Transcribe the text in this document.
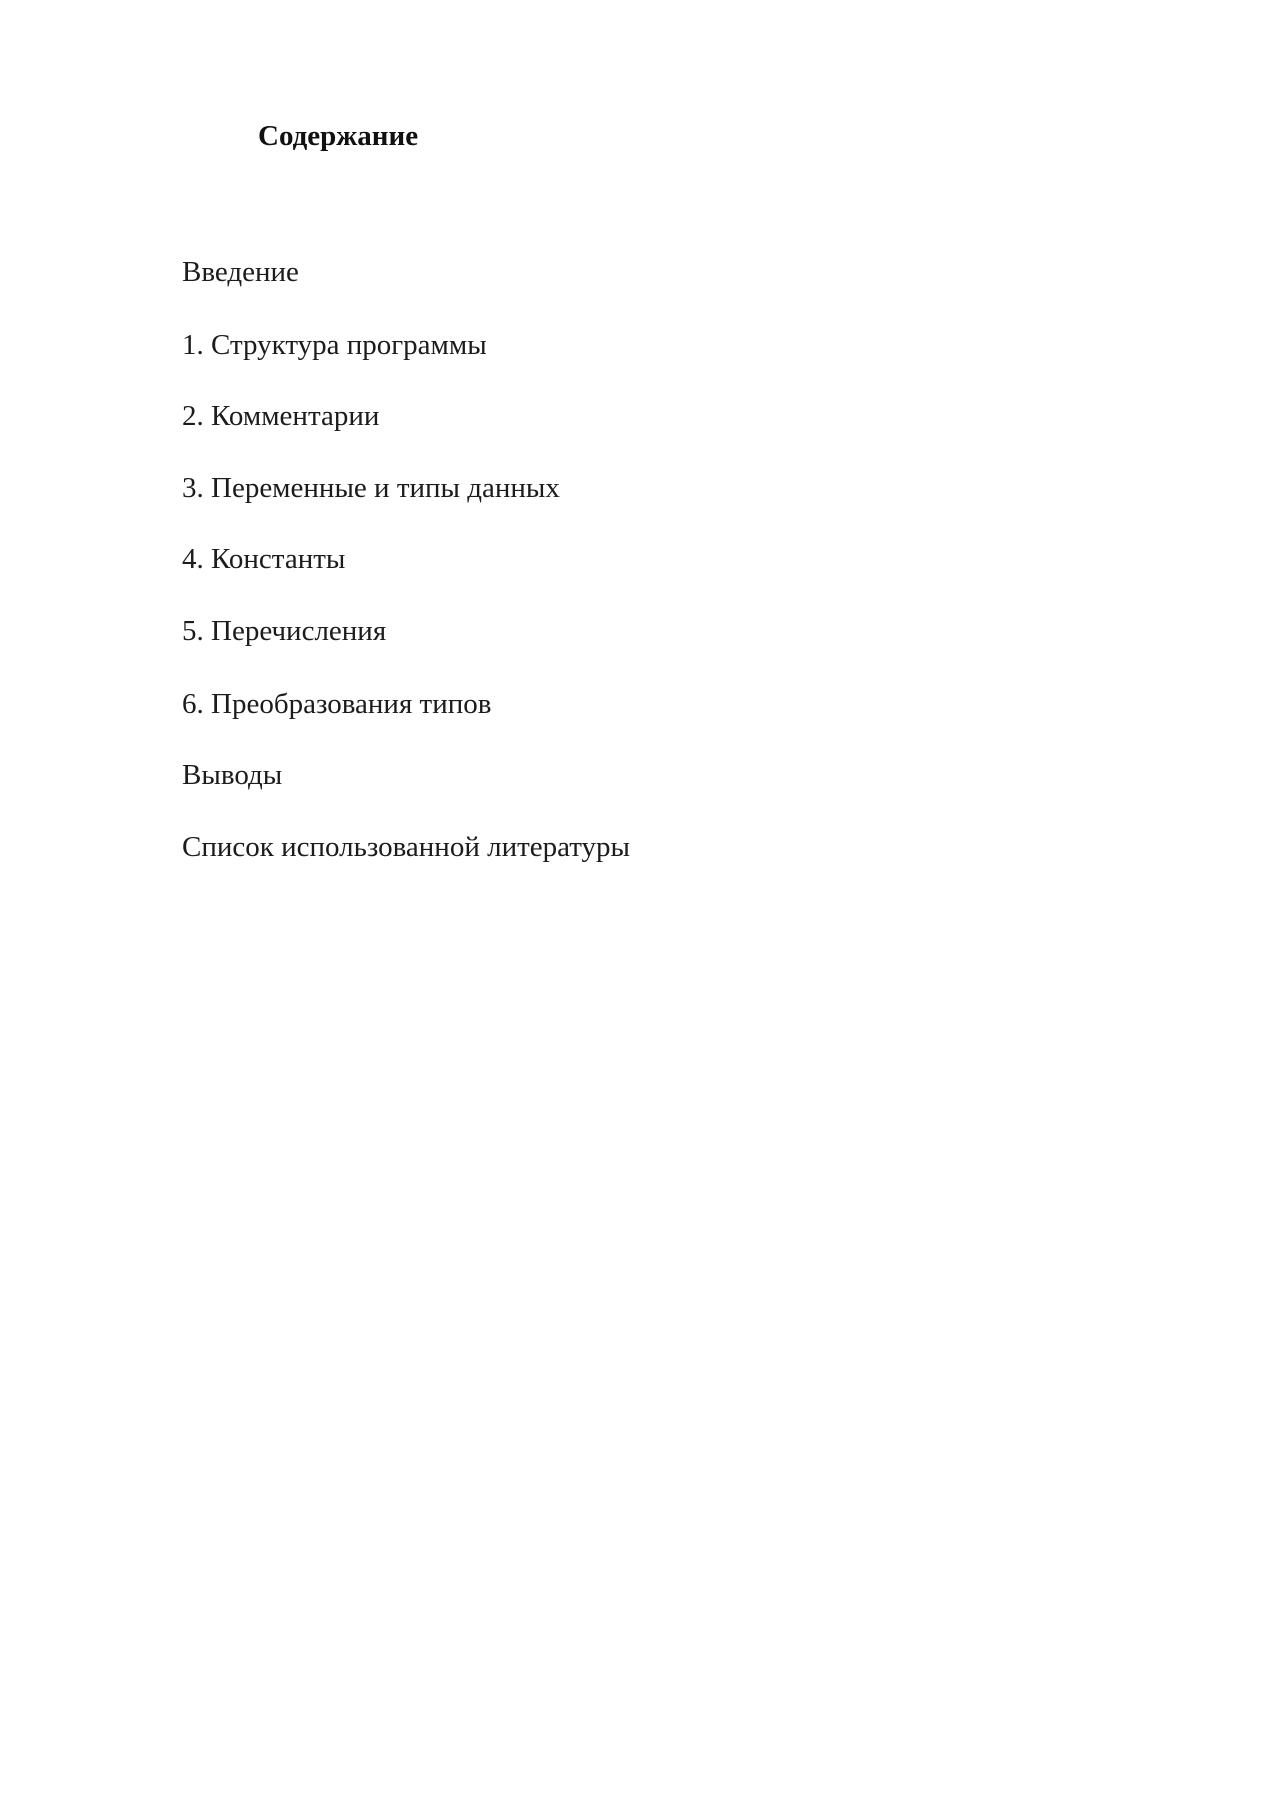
Содержание
Введение
1. Структура программы
2. Комментарии
3. Переменные и типы данных
4. Константы
5. Перечисления
6. Преобразования типов
Выводы
Список использованной литературы
